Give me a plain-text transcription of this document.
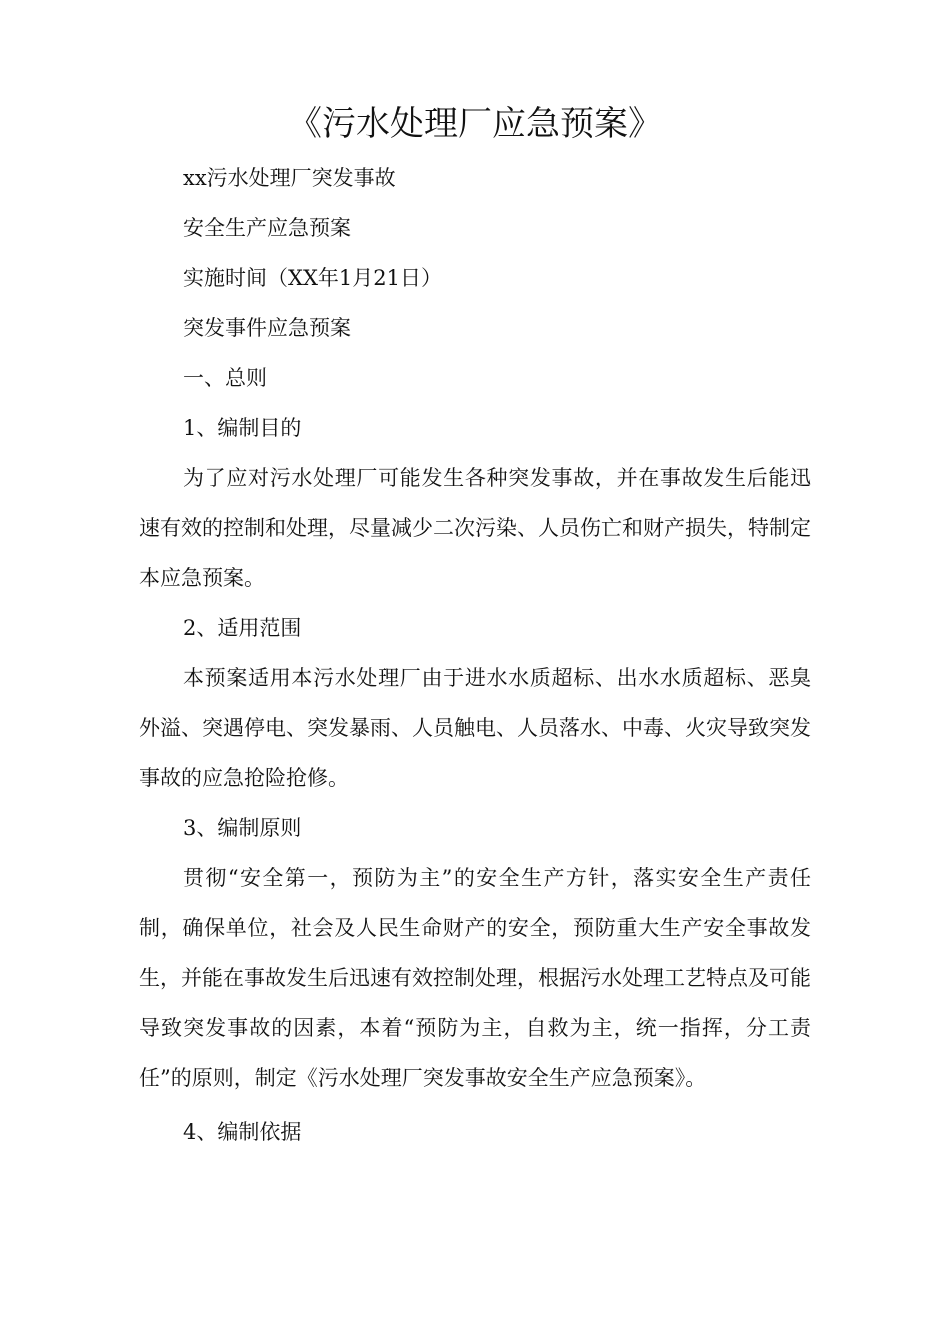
《污水处理厂应急预案》

xx污水处理厂突发事故

安全生产应急预案

实施时间（XX年1月21日）

突发事件应急预案

一、总则

1、编制目的

为了应对污水处理厂可能发生各种突发事故，并在事故发生后能迅速有效的控制和处理，尽量减少二次污染、人员伤亡和财产损失，特制定本应急预案。

2、适用范围

本预案适用本污水处理厂由于进水水质超标、出水水质超标、恶臭外溢、突遇停电、突发暴雨、人员触电、人员落水、中毒、火灾导致突发事故的应急抢险抢修。

3、编制原则

贯彻“安全第一，预防为主”的安全生产方针，落实安全生产责任制，确保单位，社会及人民生命财产的安全，预防重大生产安全事故发生，并能在事故发生后迅速有效控制处理，根据污水处理工艺特点及可能导致突发事故的因素，本着“预防为主，自救为主，统一指挥，分工责任”的原则，制定《污水处理厂突发事故安全生产应急预案》。

4、编制依据
